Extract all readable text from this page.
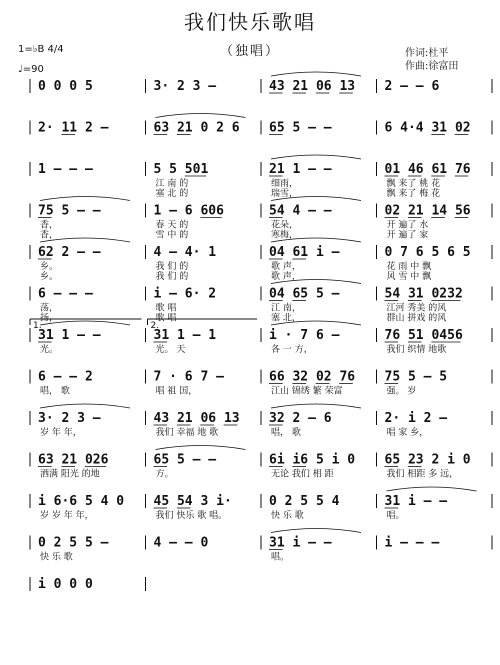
我们快乐歌唱
（独唱）
1=♭B 4/4
♩=90
作词:杜平
作曲:徐富田
0 0 0 5	3· 2 3 –	43 21 06 13 2 – – 6
2· 11 2 –	63 21 0 2 6 65 5 – –	6 4·4 31 02
1 – – –	5 5 501
江 南 的
塞 北 的
21 1 – –
细雨，
瑞雪，
01 46 61 76
飘 来了 桃 花
飘 来了 梅 花
75 5 – –
香，
香，
1 – 6 606
春 天 的
雪 中 的
54 4 – –
花朵，
寒梅，
02 21 14 56
开 遍了 水
开 遍了 家
62 2 – –
乡。
乡。
4 – 4· 1
我 们 的
我 们 的
04 61 i –
歌 声，
歌 声，
0 7 6 5 6 5
花 雨 中 飘
风 雪 中 飘
6 – – –
荡，
扬，
i – 6· 2
歌 唱
歌 唱
04 65 5 –
江 南，
塞 北，
54 31 0232
江河 秀美 的风
群山 拼戏 的风
31 1 – –
光。
31 1 – 1
光。 天
i · 7 6 –
各 一 方，
76 51 0456
我们 织情 地歌
6 – – 2
唱， 歌
7 · 6 7 –
唱 祖 国，
66 32 02 76
江山 锦绣 繁 荣富
75 5 – 5
强。 岁
3· 2 3 –
岁 年 年，
43 21 06 13
我们 幸福 地 歌
32 2 – 6
唱， 歌
2· i 2 –
唱 家 乡，
63 21 026
洒满 阳光 的地
65 5 – –
方。
6i i6 5 i 0
无论 我们 相 距
65 23 2 i 0
我们 相距 多 远，
i 6·6 5 4 0
岁 岁 年 年，
45 54 3 i·
我们 快乐 歌 唱。
0 2 5 5 4
快 乐 歌
31 i – –
唱。
0 2 5 5 –
快 乐 歌
4 – – 0	31 i – –
唱。
i – – –
i 0 0 0
1.	2.
